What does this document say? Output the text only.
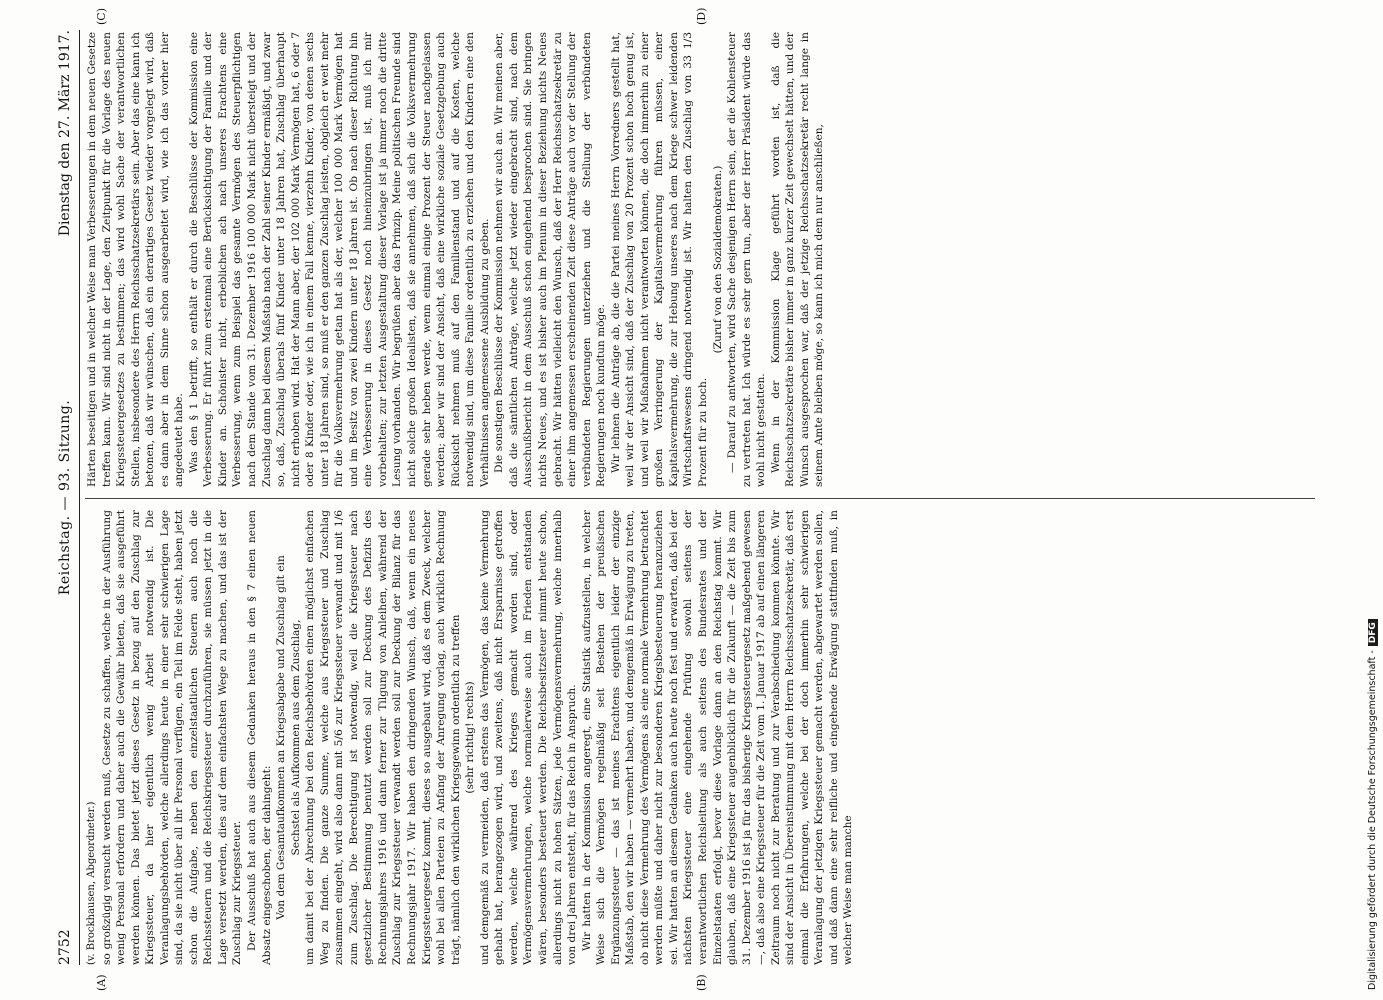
2752
Reichstag. — 93. Sitzung.
Dienstag den 27. März 1917.

(v. Brockhausen, Abgeordneter.) so großzügig versucht werden muß, Gesetze zu schaffen, welche in der Ausführung wenig Personal erfordern und daher auch die Gewähr bieten, daß sie ausgeführt werden können. Das bietet jetzt dieses Gesetz in bezug auf den Zuschlag zur Kriegssteuer, da hier eigentlich wenig Arbeit notwendig ist. Die Veranlagungsbehörden, welche allerdings heute in einer sehr schwierigen Lage sind, da sie nicht über all ihr Personal verfügen, ein Teil im Felde steht, haben jetzt schon die Aufgabe, neben den einzelstaatlichen Steuern auch noch die Reichssteuern und die Reichskriegssteuer durchzuführen, sie müssen jetzt in die Lage versetzt werden, dies auf dem einfachsten Wege zu machen, und das ist der Zuschlag zur Kriegssteuer. Der Ausschuß hat auch aus diesem Gedanken heraus in den § 7 einen neuen Absatz eingeschoben, der dahingeht: Von dem Gesamtaufkommen an Kriegsabgabe und Zuschlag gilt ein Sechstel als Aufkommen aus dem Zuschlag, um damit bei der Abrechnung bei den Reichsbehörden einen möglichst einfachen Weg zu finden. Die ganze Summe, welche aus Kriegssteuer und Zuschlag zusammen eingeht, wird also dann mit 5/6 zur Kriegssteuer verwandt und mit 1/6 zum Zuschlag. Die Berechtigung ist notwendig, weil die Kriegssteuer nach gesetzlicher Bestimmung benutzt werden soll zur Deckung des Defizits des Rechnungsjahres 1916 und dann ferner zur Tilgung von Anleihen, während der Zuschlag zur Kriegssteuer verwandt werden soll zur Deckung der Bilanz für das Rechnungsjahr 1917. Wir haben den dringenden Wunsch, daß, wenn ein neues Kriegssteuergesetz kommt, dieses so ausgebaut wird, daß es dem Zweck, welcher wohl bei allen Parteien zu Anfang der Anregung vorlag, auch wirklich Rechnung trägt, nämlich den wirklichen Kriegsgewinn ordentlich zu treffen (sehr richtig! rechts) und demgemäß zu vermeiden, daß erstens das Vermögen, das keine Vermehrung gehabt hat, herangezogen wird, und zweitens, daß nicht Ersparnisse getroffen werden, welche während des Krieges gemacht worden sind, oder Vermögensvermehrungen, welche normalerweise auch im Frieden entstanden wären, besonders besteuert werden. Die Reichsbesitzsteuer nimmt heute schon, allerdings nicht zu hohen Sätzen, jede Vermögensvermehrung, welche innerhalb von drei Jahren entsteht, für das Reich in Anspruch. Wir hatten in der Kommission angeregt, eine Statistik aufzustellen, in welcher Weise sich die Vermögen regelmäßig seit Bestehen der preußischen Ergänzungssteuer — das ist meines Erachtens eigentlich leider der einzige Maßstab, den wir haben — vermehrt haben, und demgemäß in Erwägung zu treten, ob nicht diese Vermehrung des Vermögens als eine normale Vermehrung betrachtet werden müßte und daher nicht zur besonderen Kriegsbesteuerung heranzuziehen sei. Wir hatten an diesem Gedanken auch heute noch fest und erwarten, daß bei der nächsten Kriegssteuer eine eingehende Prüfung sowohl seitens der verantwortlichen Reichsleitung als auch seitens des Bundesrates und der Einzelstaaten erfolgt, bevor diese Vorlage dann an den Reichstag kommt. Wir glauben, daß eine Kriegssteuer augenblicklich für die Zukunft — die Zeit bis zum 31. Dezember 1916 ist ja für das bisherige Kriegssteuergesetz maßgebend gewesen —, daß also eine Kriegssteuer für die Zeit vom 1. Januar 1917 ab auf einen längeren Zeitraum noch nicht zur Beratung und zur Verabschiedung kommen könnte. Wir sind der Ansicht in Übereinstimmung mit dem Herrn Reichsschatzsekretär, daß erst einmal die Erfahrungen, welche bei der doch immerhin sehr schwierigen Veranlagung der jetzigen Kriegssteuer gemacht werden, abgewartet werden sollen, und daß dann eine sehr reifliche und eingehende Erwägung stattfinden muß, in welcher Weise man manche

Härten beseitigen und in welcher Weise man Verbesserungen in dem neuen Gesetze treffen kann. Wir sind nicht in der Lage, den Zeitpunkt für die Vorlage des neuen Kriegssteuergesetzes zu bestimmen; das wird wohl Sache der verantwortlichen Stellen, insbesondere des Herrn Reichsschatzsekretärs sein. Aber das eine kann ich betonen, daß wir wünschen, daß ein derartiges Gesetz wieder vorgelegt wird, daß es dann aber in dem Sinne schon ausgearbeitet wird, wie ich das vorher hier angedeutet habe. Was den § 1 betrifft, so enthält er durch die Beschlüsse der Kommission eine Verbesserung. Er führt zum erstenmal eine Berücksichtigung der Familie und der Kinder an. Schönister nicht, erbeblichen ach nach unseres Erachtens eine Verbesserung, wenn zum Beispiel das gesamte Vermögen des Steuerpflichtigen nach dem Stande vom 31. Dezember 1916 100 000 Mark nicht übersteigt und der Zuschlag dann bei diesem Maßstab nach der Zahl seiner Kinder ermäßigt, und zwar so, daß, Zuschlag überals fünf Kinder unter 18 Jahren hat, Zuschlag überhaupt nicht erhoben wird. Hat der Mann aber, der 102 000 Mark Vermögen hat, 6 oder 7 oder 8 Kinder oder, wie ich in einem Fall kenne, vierzehn Kinder, von denen sechs unter 18 Jahren sind, so muß er den ganzen Zuschlag leisten, obgleich er weit mehr für die Volksvermehrung getan hat als der, welcher 100 000 Mark Vermögen hat und im Besitz von zwei Kindern unter 18 Jahren ist. Ob nach dieser Richtung hin eine Verbesserung in dieses Gesetz noch hineinzubringen ist, muß ich mir vorbehalten; zur letzten Ausgestaltung dieser Vorlage ist ja immer noch die dritte Lesung vorhanden. Wir begrüßen aber das Prinzip. Meine politischen Freunde sind nicht solche großen Idealisten, daß sie annehmen, daß sich die Volksvermehrung gerade sehr heben werde, wenn einmal einige Prozent der Steuer nachgelassen werden; aber wir sind der Ansicht, daß eine wirkliche soziale Gesetzgebung auch Rücksicht nehmen muß auf den Familienstand und auf die Kosten, welche notwendig sind, um diese Familie ordentlich zu erziehen und den Kindern eine den Verhältnissen angemessene Ausbildung zu geben. Die sonstigen Beschlüsse der Kommission nehmen wir auch an. Wir meinen aber, daß die sämtlichen Anträge, welche jetzt wieder eingebracht sind, nach dem Ausschußbericht in dem Ausschuß schon eingehend besprochen sind. Sie bringen nichts Neues, und es ist bisher auch im Plenum in dieser Beziehung nichts Neues gebracht. Wir hätten vielleicht den Wunsch, daß der Herr Reichsschatzsekretär zu einer ihm angemessen erscheinenden Zeit diese Anträge auch vor der Stellung der verbündeten Regierungen unterziehen und die Stellung der verbündeten Regierungen noch kundtun möge. Wir lehnen die Anträge ab, die die Partei meines Herrn Vorredners gestellt hat, weil wir der Ansicht sind, daß der Zuschlag von 20 Prozent schon hoch genug ist, und weil wir Maßnahmen nicht verantworten können, die doch immerhin zu einer großen Verringerung der Kapitalsvermehrung führen müssen, einer Kapitalsvermehrung, die zur Hebung unseres nach dem Kriege schwer leidenden Wirtschaftswesens dringend notwendig ist. Wir halten den Zuschlag von 33 1/3 Prozent für zu hoch.

(Zuruf von den Sozialdemokraten.) — Darauf zu antworten, wird Sache desjenigen Herrn sein, der die Kohlensteuer zu vertreten hat. Ich würde es sehr gern tun, aber der Herr Präsident würde das wohl nicht gestatten. Wenn in der Kommission Klage geführt worden ist, daß die Reichsschatzsekretäre bisher immer in ganz kurzer Zeit gewechselt hätten, und der Wunsch ausgesprochen war, daß der jetzige Reichsschatzsekretär recht lange in seinem Amte bleiben möge, so kann ich mich dem nur anschließen,

(A)	(B)
(C)	(D)
Digitalisierung gefördert durch die Deutsche Forschungsgemeinschaft -DFG
